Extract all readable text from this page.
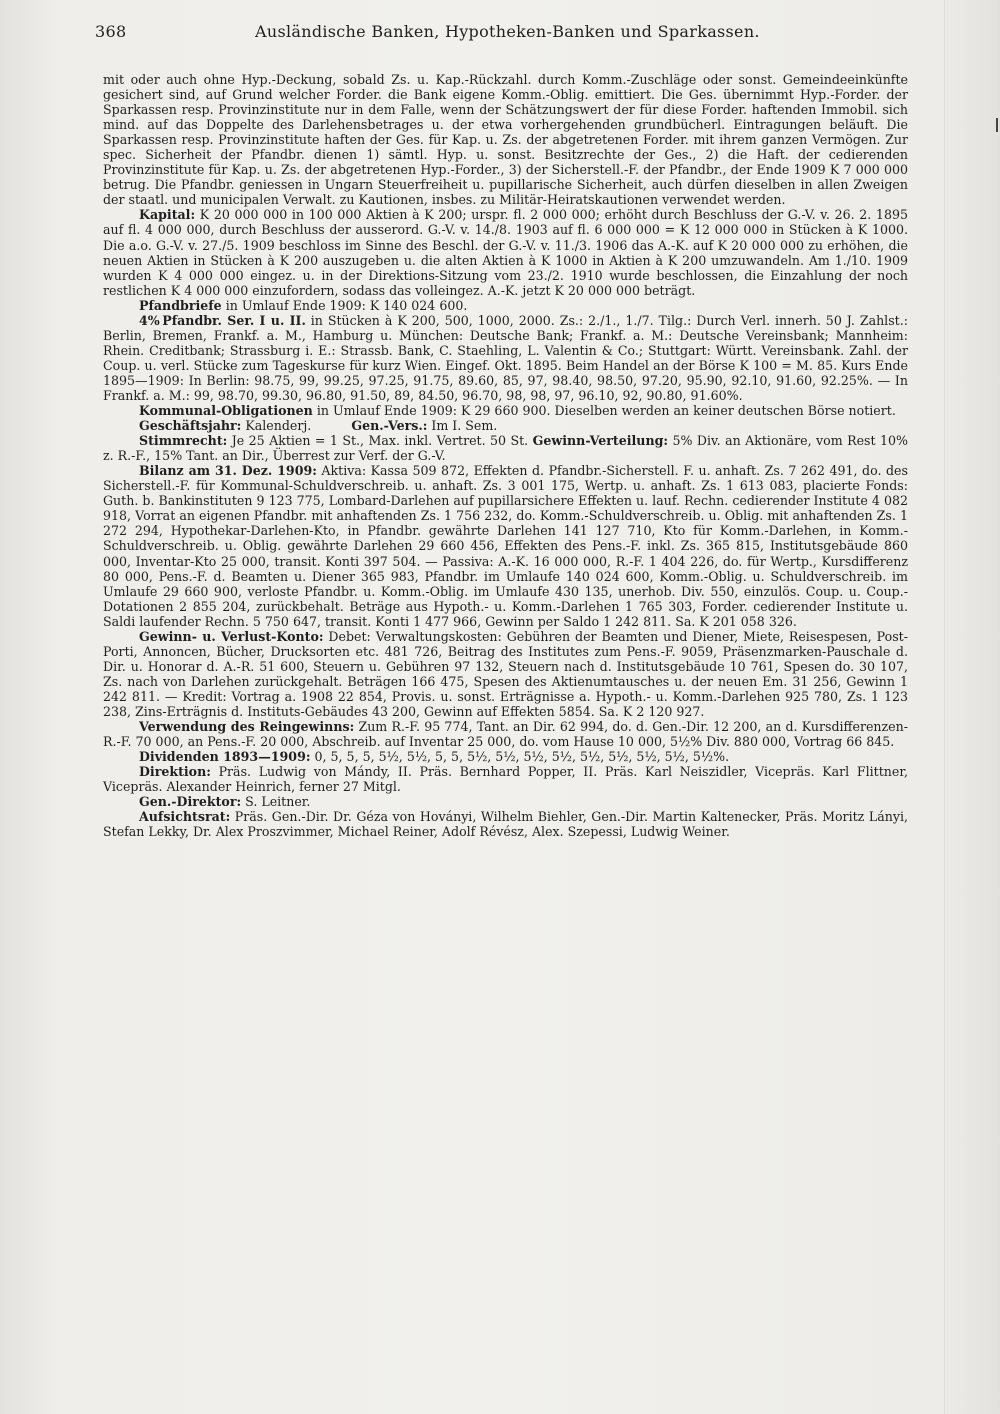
368	Ausländische Banken, Hypotheken-Banken und Sparkassen.

mit oder auch ohne Hyp.-Deckung, sobald Zs. u. Kap.-Rückzahl. durch Komm.-Zuschläge oder sonst. Gemeindeeinkünfte gesichert sind, auf Grund welcher Forder. die Bank eigene Komm.-Oblig. emittiert. Die Ges. übernimmt Hyp.-Forder. der Sparkassen resp. Provinzinstitute nur in dem Falle, wenn der Schätzungswert der für diese Forder. haftenden Immobil. sich mind. auf das Doppelte des Darlehensbetrages u. der etwa vorhergehenden grundbücherl. Eintragungen beläuft. Die Sparkassen resp. Provinzinstitute haften der Ges. für Kap. u. Zs. der abgetretenen Forder. mit ihrem ganzen Vermögen. Zur spec. Sicherheit der Pfandbr. dienen 1) sämtl. Hyp. u. sonst. Besitzrechte der Ges., 2) die Haft. der cedierenden Provinzinstitute für Kap. u. Zs. der abgetretenen Hyp.-Forder., 3) der Sicherstell.-F. der Pfandbr., der Ende 1909 K 7 000 000 betrug. Die Pfandbr. geniessen in Ungarn Steuerfreiheit u. pupillarische Sicherheit, auch dürfen dieselben in allen Zweigen der staatl. und municipalen Verwalt. zu Kautionen, insbes. zu Militär-Heiratskautionen verwendet werden.

Kapital: K 20 000 000 in 100 000 Aktien à K 200; urspr. fl. 2 000 000; erhöht durch Beschluss der G.-V. v. 26. 2. 1895 auf fl. 4 000 000, durch Beschluss der ausserord. G.-V. v. 14./8. 1903 auf fl. 6 000 000 = K 12 000 000 in Stücken à K 1000. Die a.o. G.-V. v. 27./5. 1909 beschloss im Sinne des Beschl. der G.-V. v. 11./3. 1906 das A.-K. auf K 20 000 000 zu erhöhen, die neuen Aktien in Stücken à K 200 auszugeben u. die alten Aktien à K 1000 in Aktien à K 200 umzuwandeln. Am 1./10. 1909 wurden K 4 000 000 eingez. u. in der Direktions-Sitzung vom 23./2. 1910 wurde beschlossen, die Einzahlung der noch restlichen K 4 000 000 einzufordern, sodass das volleingez. A.-K. jetzt K 20 000 000 beträgt.

Pfandbriefe in Umlauf Ende 1909: K 140 024 600.

4% Pfandbr. Ser. I u. II. in Stücken à K 200, 500, 1000, 2000. Zs.: 2./1., 1./7. Tilg.: Durch Verl. innerh. 50 J. Zahlst.: Berlin, Bremen, Frankf. a. M., Hamburg u. München: Deutsche Bank; Frankf. a. M.: Deutsche Vereinsbank; Mannheim: Rhein. Creditbank; Strassburg i. E.: Strassb. Bank, C. Staehling, L. Valentin & Co.; Stuttgart: Württ. Vereinsbank. Zahl. der Coup. u. verl. Stücke zum Tageskurse für kurz Wien. Eingef. Okt. 1895. Beim Handel an der Börse K 100 = M. 85. Kurs Ende 1895—1909: In Berlin: 98.75, 99, 99.25, 97.25, 91.75, 89.60, 85, 97, 98.40, 98.50, 97.20, 95.90, 92.10, 91.60, 92.25%. — In Frankf. a. M.: 99, 98.70, 99.30, 96.80, 91.50, 89, 84.50, 96.70, 98, 98, 97, 96.10, 92, 90.80, 91.60%.

Kommunal-Obligationen in Umlauf Ende 1909: K 29 660 900. Dieselben werden an keiner deutschen Börse notiert.

Geschäftsjahr: Kalenderj.	Gen.-Vers.: Im I. Sem.

Stimmrecht: Je 25 Aktien = 1 St., Max. inkl. Vertret. 50 St. Gewinn-Verteilung: 5% Div. an Aktionäre, vom Rest 10% z. R.-F., 15% Tant. an Dir., Überrest zur Verf. der G.-V.

Bilanz am 31. Dez. 1909: Aktiva: Kassa 509 872, Effekten d. Pfandbr.-Sicherstell. F. u. anhaft. Zs. 7 262 491, do. des Sicherstell.-F. für Kommunal-Schuldverschreib. u. anhaft. Zs. 3 001 175, Wertp. u. anhaft. Zs. 1 613 083, placierte Fonds: Guth. b. Bankinstituten 9 123 775, Lombard-Darlehen auf pupillarsichere Effekten u. lauf. Rechn. cedierender Institute 4 082 918, Vorrat an eigenen Pfandbr. mit anhaftenden Zs. 1 756 232, do. Komm.-Schuldverschreib. u. Oblig. mit anhaftenden Zs. 1 272 294, Hypothekar-Darlehen-Kto, in Pfandbr. gewährte Darlehen 141 127 710, Kto für Komm.-Darlehen, in Komm.-Schuldverschreib. u. Oblig. gewährte Darlehen 29 660 456, Effekten des Pens.-F. inkl. Zs. 365 815, Institutsgebäude 860 000, Inventar-Kto 25 000, transit. Konti 397 504. — Passiva: A.-K. 16 000 000, R.-F. 1 404 226, do. für Wertp., Kursdifferenz 80 000, Pens.-F. d. Beamten u. Diener 365 983, Pfandbr. im Umlaufe 140 024 600, Komm.-Oblig. u. Schuldverschreib. im Umlaufe 29 660 900, verloste Pfandbr. u. Komm.-Oblig. im Umlaufe 430 135, unerhob. Div. 550, einzulös. Coup. u. Coup.-Dotationen 2 855 204, zurückbehalt. Beträge aus Hypoth.- u. Komm.-Darlehen 1 765 303, Forder. cedierender Institute u. Saldi laufender Rechn. 5 750 647, transit. Konti 1 477 966, Gewinn per Saldo 1 242 811. Sa. K 201 058 326.

Gewinn- u. Verlust-Konto: Debet: Verwaltungskosten: Gebühren der Beamten und Diener, Miete, Reisespesen, Post-Porti, Annoncen, Bücher, Drucksorten etc. 481 726, Beitrag des Institutes zum Pens.-F. 9059, Präsenzmarken-Pauschale d. Dir. u. Honorar d. A.-R. 51 600, Steuern u. Gebühren 97 132, Steuern nach d. Institutsgebäude 10 761, Spesen do. 30 107, Zs. nach von Darlehen zurückgehalt. Beträgen 166 475, Spesen des Aktienumtausches u. der neuen Em. 31 256, Gewinn 1 242 811. — Kredit: Vortrag a. 1908 22 854, Provis. u. sonst. Erträgnisse a. Hypoth.- u. Komm.-Darlehen 925 780, Zs. 1 123 238, Zins-Erträgnis d. Instituts-Gebäudes 43 200, Gewinn auf Effekten 5854. Sa. K 2 120 927.

Verwendung des Reingewinns: Zum R.-F. 95 774, Tant. an Dir. 62 994, do. d. Gen.-Dir. 12 200, an d. Kursdifferenzen-R.-F. 70 000, an Pens.-F. 20 000, Abschreib. auf Inventar 25 000, do. vom Hause 10 000, 5½% Div. 880 000, Vortrag 66 845.

Dividenden 1893—1909: 0, 5, 5, 5, 5½, 5½, 5, 5, 5½, 5½, 5½, 5½, 5½, 5½, 5½, 5½, 5½%.

Direktion: Präs. Ludwig von Mándy, II. Präs. Bernhard Popper, II. Präs. Karl Neiszidler, Vicepräs. Karl Flittner, Vicepräs. Alexander Heinrich, ferner 27 Mitgl.

Gen.-Direktor: S. Leitner.

Aufsichtsrat: Präs. Gen.-Dir. Dr. Géza von Hoványi, Wilhelm Biehler, Gen.-Dir. Martin Kaltenecker, Präs. Moritz Lányi, Stefan Lekky, Dr. Alex Proszvimmer, Michael Reiner, Adolf Révész, Alex. Szepessi, Ludwig Weiner.
